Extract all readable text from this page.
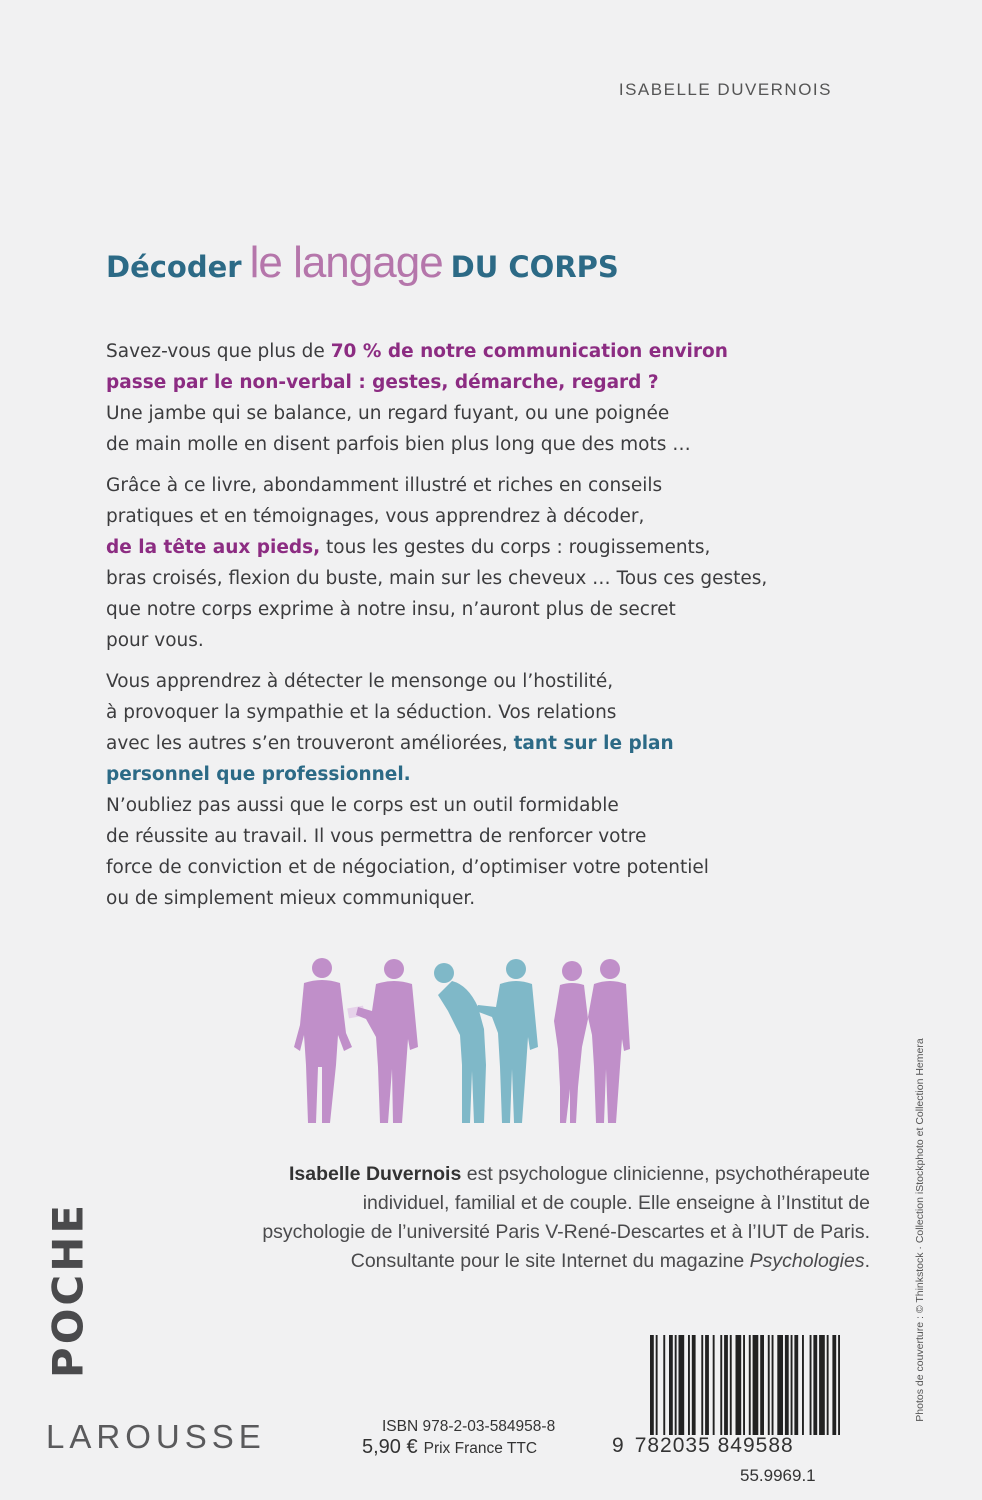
ISABELLE DUVERNOIS
Décoder le langage DU CORPS

Savez-vous que plus de 70 % de notre communication environ
passe par le non-verbal : gestes, démarche, regard ?
Une jambe qui se balance, un regard fuyant, ou une poignée
de main molle en disent parfois bien plus long que des mots …

Grâce à ce livre, abondamment illustré et riches en conseils
pratiques et en témoignages, vous apprendrez à décoder,
de la tête aux pieds, tous les gestes du corps : rougissements,
bras croisés, flexion du buste, main sur les cheveux … Tous ces gestes,
que notre corps exprime à notre insu, n’auront plus de secret
pour vous.

Vous apprendrez à détecter le mensonge ou l’hostilité,
à provoquer la sympathie et la séduction. Vos relations
avec les autres s’en trouveront améliorées, tant sur le plan
personnel que professionnel.
N’oubliez pas aussi que le corps est un outil formidable
de réussite au travail. Il vous permettra de renforcer votre
force de conviction et de négociation, d’optimiser votre potentiel
ou de simplement mieux communiquer.

Isabelle Duvernois est psychologue clinicienne, psychothérapeute
individuel, familial et de couple. Elle enseigne à l’Institut de
psychologie de l’université Paris V-René-Descartes et à l’IUT de Paris.
Consultante pour le site Internet du magazine Psychologies.
POCHE
LAROUSSE	ISBN 978-2-03-584958-8
5,90 € Prix France TTC	9 782035 849588
55.9969.1
Photos de couverture : © Thinkstock · Collection iStockphoto et Collection Hemera
